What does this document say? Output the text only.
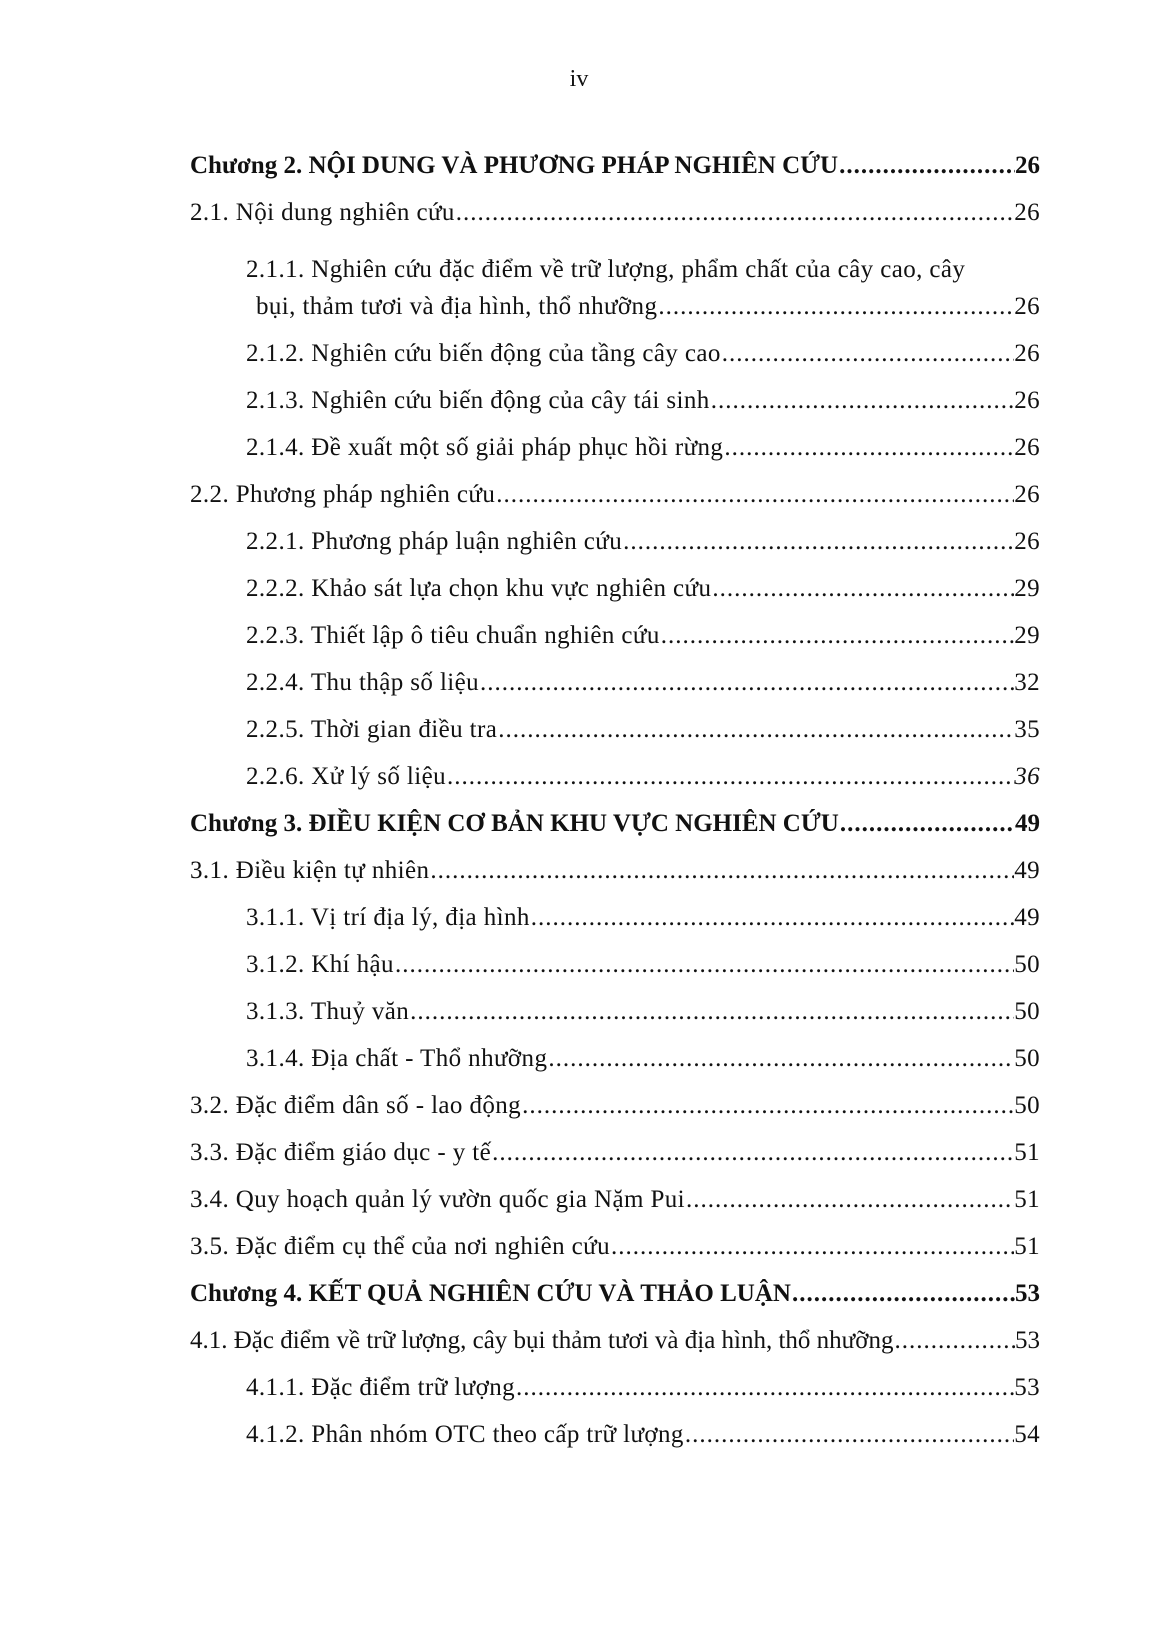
iv
Chương 2. NỘI DUNG VÀ PHƯƠNG PHÁP NGHIÊN CỨU .....	26
2.1. Nội dung nghiên cứu .....	26
2.1.1. Nghiên cứu đặc điểm về trữ lượng, phẩm chất của cây cao, cây
bụi, thảm tươi và địa hình, thổ nhưỡng .....	26
2.1.2. Nghiên cứu biến động của tầng cây cao .....	26
2.1.3. Nghiên cứu biến động của cây tái sinh .....	26
2.1.4. Đề xuất một số giải pháp phục hồi rừng .....	26
2.2. Phương pháp nghiên cứu .....	26
2.2.1. Phương pháp luận nghiên cứu .....	26
2.2.2. Khảo sát lựa chọn khu vực nghiên cứu .....	29
2.2.3. Thiết lập ô tiêu chuẩn nghiên cứu .....	29
2.2.4. Thu thập số liệu .....	32
2.2.5. Thời gian điều tra .....	35
2.2.6. Xử lý số liệu .....	36
Chương 3. ĐIỀU KIỆN CƠ BẢN KHU VỰC NGHIÊN CỨU .....	49
3.1. Điều kiện tự nhiên .....	49
3.1.1. Vị trí địa lý, địa hình .....	49
3.1.2. Khí hậu .....	50
3.1.3. Thuỷ văn .....	50
3.1.4. Địa chất - Thổ nhưỡng .....	50
3.2. Đặc điểm dân số - lao động .....	50
3.3. Đặc điểm giáo dục - y tế .....	51
3.4. Quy hoạch quản lý vườn quốc gia Nặm Pui .....	51
3.5. Đặc điểm cụ thể của nơi nghiên cứu .....	51
Chương 4. KẾT QUẢ NGHIÊN CỨU VÀ THẢO LUẬN .....	53
4.1. Đặc điểm về trữ lượng, cây bụi thảm tươi và địa hình, thổ nhưỡng .....	53
4.1.1. Đặc điểm trữ lượng .....	53
4.1.2. Phân nhóm OTC theo cấp trữ lượng .....	54
